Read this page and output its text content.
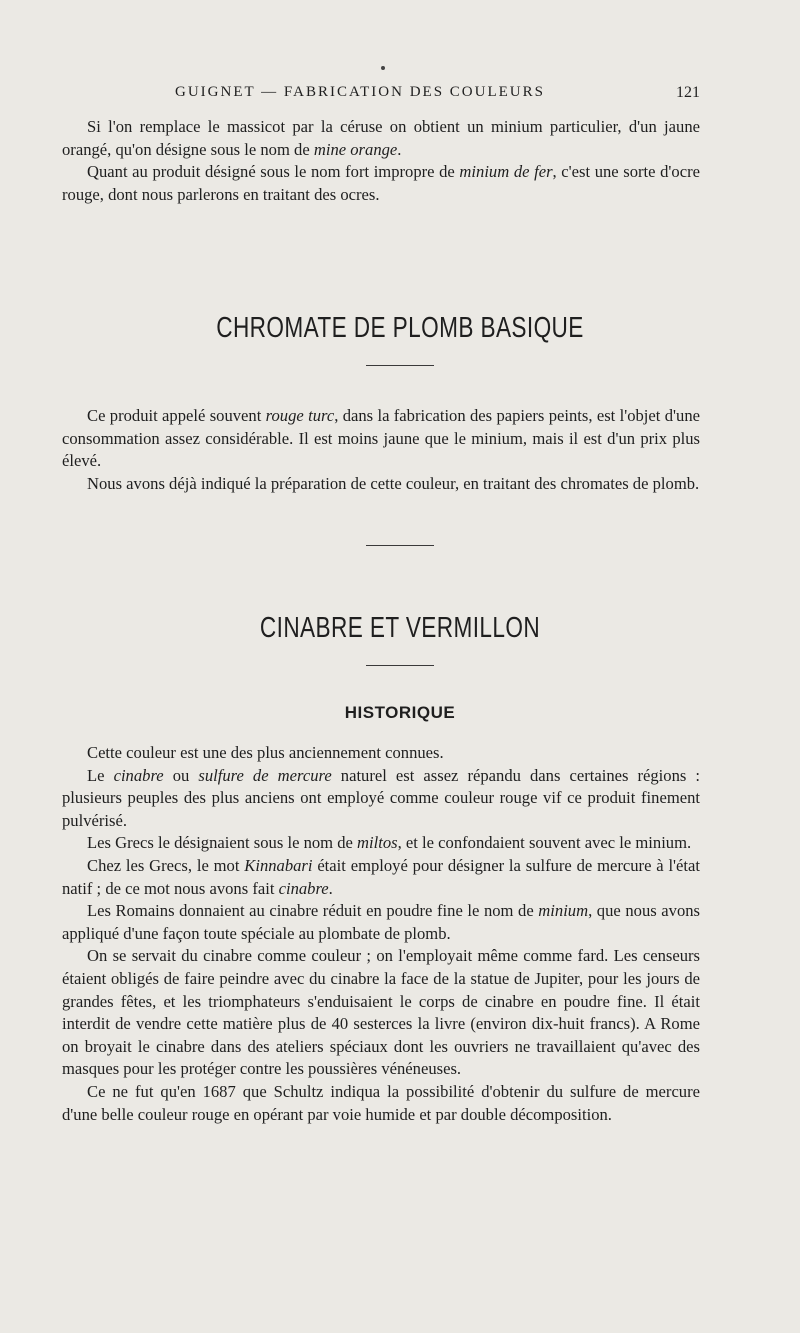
GUIGNET — FABRICATION DES COULEURS	121

Si l'on remplace le massicot par la céruse on obtient un minium particulier, d'un jaune orangé, qu'on désigne sous le nom de mine orange.

Quant au produit désigné sous le nom fort impropre de minium de fer, c'est une sorte d'ocre rouge, dont nous parlerons en traitant des ocres.

CHROMATE DE PLOMB BASIQUE

Ce produit appelé souvent rouge turc, dans la fabrication des papiers peints, est l'objet d'une consommation assez considérable. Il est moins jaune que le minium, mais il est d'un prix plus élevé.

Nous avons déjà indiqué la préparation de cette couleur, en traitant des chromates de plomb.

CINABRE ET VERMILLON
HISTORIQUE

Cette couleur est une des plus anciennement connues.

Le cinabre ou sulfure de mercure naturel est assez répandu dans certaines régions : plusieurs peuples des plus anciens ont employé comme couleur rouge vif ce produit finement pulvérisé.

Les Grecs le désignaient sous le nom de miltos, et le confondaient souvent avec le minium.

Chez les Grecs, le mot Kinnabari était employé pour désigner la sulfure de mercure à l'état natif ; de ce mot nous avons fait cinabre.

Les Romains donnaient au cinabre réduit en poudre fine le nom de minium, que nous avons appliqué d'une façon toute spéciale au plombate de plomb.

On se servait du cinabre comme couleur ; on l'employait même comme fard. Les censeurs étaient obligés de faire peindre avec du cinabre la face de la statue de Jupiter, pour les jours de grandes fêtes, et les triomphateurs s'enduisaient le corps de cinabre en poudre fine. Il était interdit de vendre cette matière plus de 40 sesterces la livre (environ dix-huit francs). A Rome on broyait le cinabre dans des ateliers spéciaux dont les ouvriers ne travaillaient qu'avec des masques pour les protéger contre les poussières vénéneuses.

Ce ne fut qu'en 1687 que Schultz indiqua la possibilité d'obtenir du sulfure de mercure d'une belle couleur rouge en opérant par voie humide et par double décomposition.
